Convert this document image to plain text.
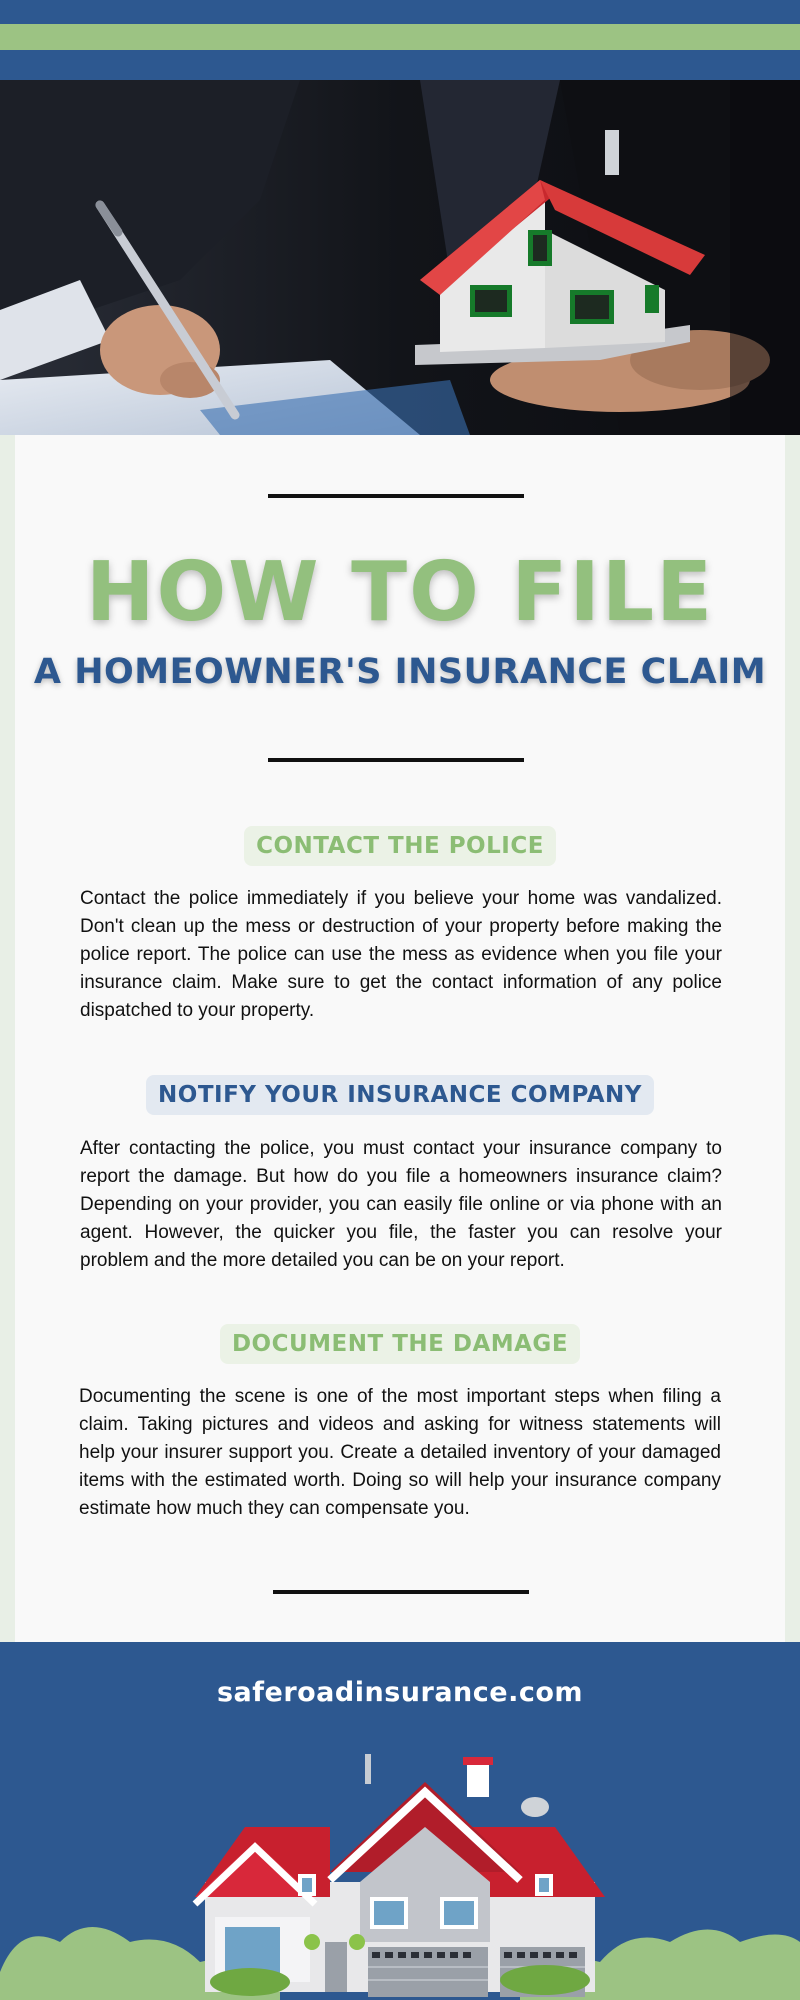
HOW TO FILE
A HOMEOWNER'S INSURANCE CLAIM
CONTACT THE POLICE
Contact the police immediately if you believe your home was vandalized. Don't clean up the mess or destruction of your property before making the police report. The police can use the mess as evidence when you file your insurance claim. Make sure to get the contact information of any police dispatched to your property.
NOTIFY YOUR INSURANCE COMPANY
After contacting the police, you must contact your insurance company to report the damage. But how do you file a homeowners insurance claim? Depending on your provider, you can easily file online or via phone with an agent. However, the quicker you file, the faster you can resolve your problem and the more detailed you can be on your report.
DOCUMENT THE DAMAGE
Documenting the scene is one of the most important steps when filing a claim. Taking pictures and videos and asking for witness statements will help your insurer support you. Create a detailed inventory of your damaged items with the estimated worth. Doing so will help your insurance company estimate how much they can compensate you.
saferoadinsurance.com
